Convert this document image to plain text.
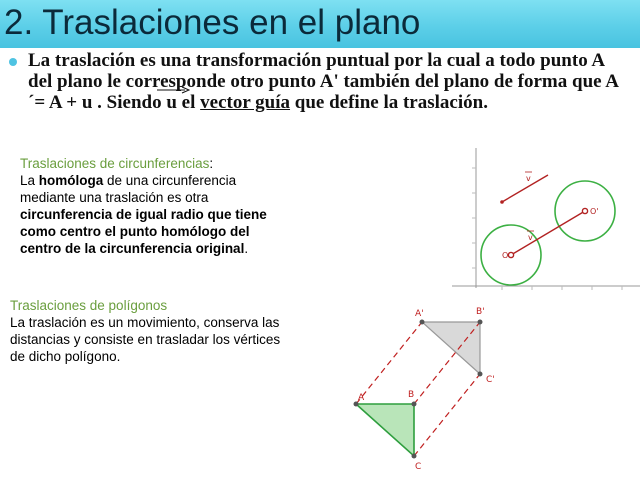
2. Traslaciones en el plano

La traslación es una transformación puntual por la cual a todo punto A del plano le corresponde otro punto A' también del plano de forma que A´= A + u . Siendo
u el vector guía que define la traslación.

Traslaciones de circunferencias:
La homóloga de una circunferencia mediante una traslación es otra circunferencia de igual radio que tiene como centro el punto homólogo del centro de la circunferencia original.

Traslaciones de polígonos
La traslación es un movimiento, conserva las distancias y consiste en trasladar los vértices de dicho polígono.

v
v
O
O'
A	B
C
A'	B'
C'
